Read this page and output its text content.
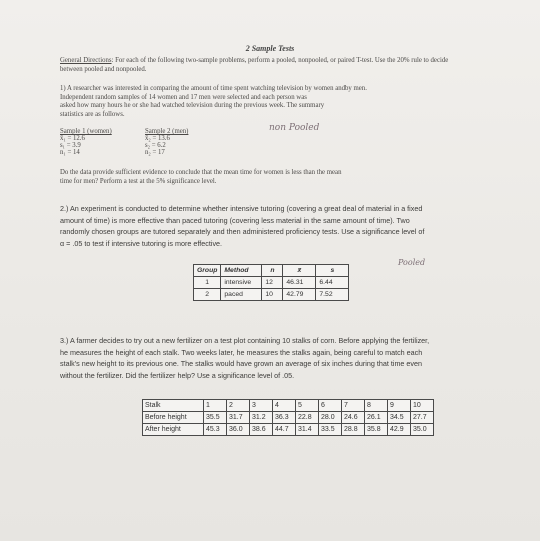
2 Sample Tests
General Directions: For each of the following two-sample problems, perform a pooled, nonpooled, or paired T-test. Use the 20% rule to decide between pooled and nonpooled.
1) A researcher was interested in comparing the amount of time spent watching television by women andby men.
Independent random samples of 14 women and 17 men were selected and each person was
asked how many hours he or she had watched television during the previous week. The summary
statistics are as follows.
non Pooled
Sample 1 (women)
x̄₁ = 12.6
s₁ = 3.9
n₁ = 14
Sample 2 (men)
x̄₂ = 13.6
s₂ = 6.2
n₂ = 17
Do the data provide sufficient evidence to conclude that the mean time for women is less than the mean
time for men? Perform a test at the 5% significance level.
2.) An experiment is conducted to determine whether intensive tutoring (covering a great deal of material in a fixed
amount of time) is more effective than paced tutoring (covering less material in the same amount of time). Two
randomly chosen groups are tutored separately and then administered proficiency tests. Use a significance level of
α = .05 to test if intensive tutoring is more effective.
Pooled
Group	Method	n	x̄	s
1	intensive	12	46.31	6.44
2	paced	10	42.79	7.52
3.) A farmer decides to try out a new fertilizer on a test plot containing 10 stalks of corn. Before applying the fertilizer,
he measures the height of each stalk. Two weeks later, he measures the stalks again, being careful to match each
stalk's new height to its previous one. The stalks would have grown an average of six inches during that time even
without the fertilizer. Did the fertilizer help? Use a significance level of .05.
Stalk	1	2	3	4	5	6	7	8	9	10
Before height	35.5	31.7	31.2	36.3	22.8	28.0	24.6	26.1	34.5	27.7
After height	45.3	36.0	38.6	44.7	31.4	33.5	28.8	35.8	42.9	35.0
